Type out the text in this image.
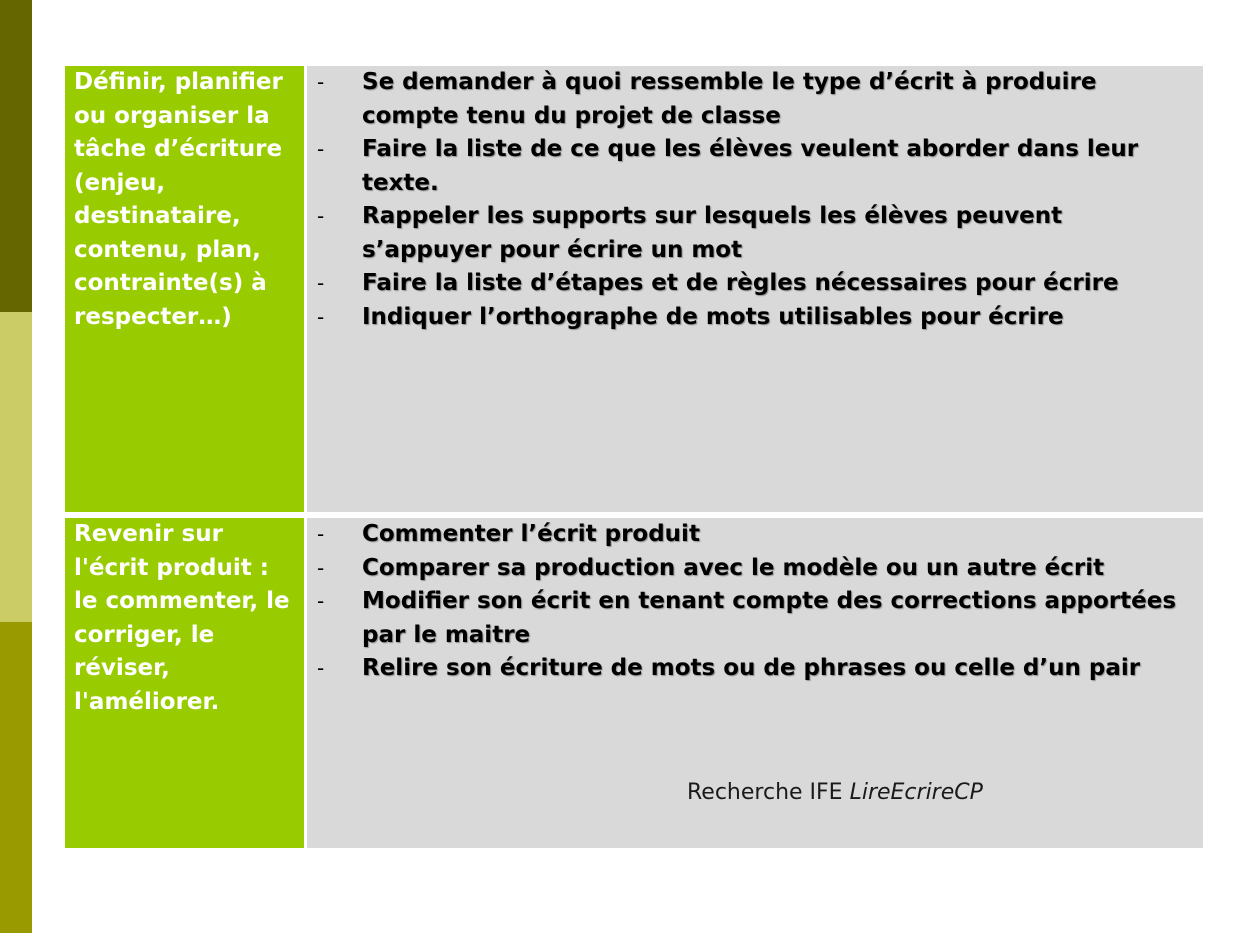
Définir, planifier ou organiser la tâche d’écriture (enjeu, destinataire, contenu, plan, contrainte(s) à respecter…)
- Se demander à quoi ressemble le type d’écrit à produire compte tenu du projet de classe
- Faire la liste de ce que les élèves veulent aborder dans leur texte.
- Rappeler les supports sur lesquels les élèves peuvent s’appuyer pour écrire un mot
- Faire la liste d’étapes et de règles nécessaires pour écrire
- Indiquer l’orthographe de mots utilisables pour écrire
Revenir sur l'écrit produit : le commenter, le corriger, le réviser, l'améliorer.
- Commenter l’écrit produit
- Comparer sa production avec le modèle ou un autre écrit
- Modifier son écrit en tenant compte des corrections apportées par le maitre
- Relire son écriture de mots ou de phrases ou celle d’un pair
Recherche IFE LireEcrireCP
